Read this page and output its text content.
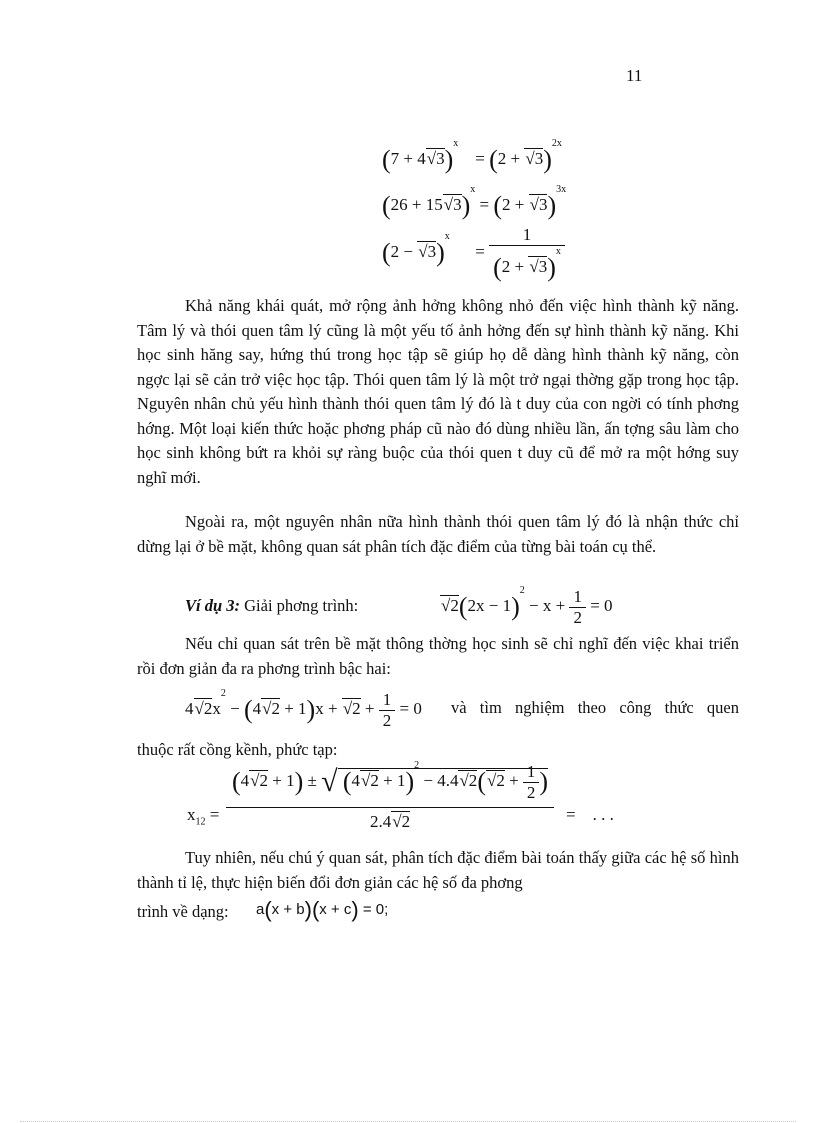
11
$(7 + 4√3)^x$    = $(2 + √3)^{2x}$
$(26 + 15√3)^x = (2 + √3)^{3x}$
$(2 - √3)^x$      = $\frac{1}{(2 + √3)^x}$
Khả năng khái quát, mở rộng ảnh hởng không nhỏ đến việc hình thành kỹ năng. Tâm lý và thói quen tâm lý cũng là một yếu tố ảnh hởng đến sự hình thành kỹ năng. Khi học sinh hăng say, hứng thú trong học tập sẽ giúp họ dễ dàng hình thành kỹ năng, còn ngợc lại sẽ cản trở việc học tập. Thói quen tâm lý là một trở ngại thờng gặp trong học tập. Nguyên nhân chủ yếu hình thành thói quen tâm lý đó là t duy của con ngời có tính phơng hớng. Một loại kiến thức hoặc phơng pháp cũ nào đó dùng nhiều lần, ấn tợng sâu làm cho học sinh không bứt ra khỏi sự ràng buộc của thói quen t duy cũ để mở ra một hớng suy nghĩ mới.
Ngoài ra, một nguyên nhân nữa hình thành thói quen tâm lý đó là nhận thức chỉ dừng lại ở bề mặt, không quan sát phân tích đặc điểm của từng bài toán cụ thể.
Ví dụ 3: Giải phơng trình:	$√2(2x - 1)^2 - x + \frac{1}{2} = 0$
Nếu chỉ quan sát trên bề mặt thông thờng học sinh sẽ chỉ nghĩ đến việc khai triển rồi đơn giản đa ra phơng trình bậc hai:
$4√2x^2 - (4√2 + 1)x + √2 + \frac{1}{2} = 0$ và tìm nghiệm theo công thức quen
thuộc rất cồng kềnh, phức tạp:
$x_{12}$ =
(4√2 + 1) ± √ $(4√2 + 1)^2 - 4.4√2(√2 + \frac{1}{2}$ )
2.4√2	=    . . .
Tuy nhiên, nếu chú ý quan sát, phân tích đặc điểm bài toán thấy giữa các hệ số hình thành tỉ lệ, thực hiện biến đổi đơn giản các hệ số đa phơng
trình về dạng: a(x + b)(x + c) = 0;
